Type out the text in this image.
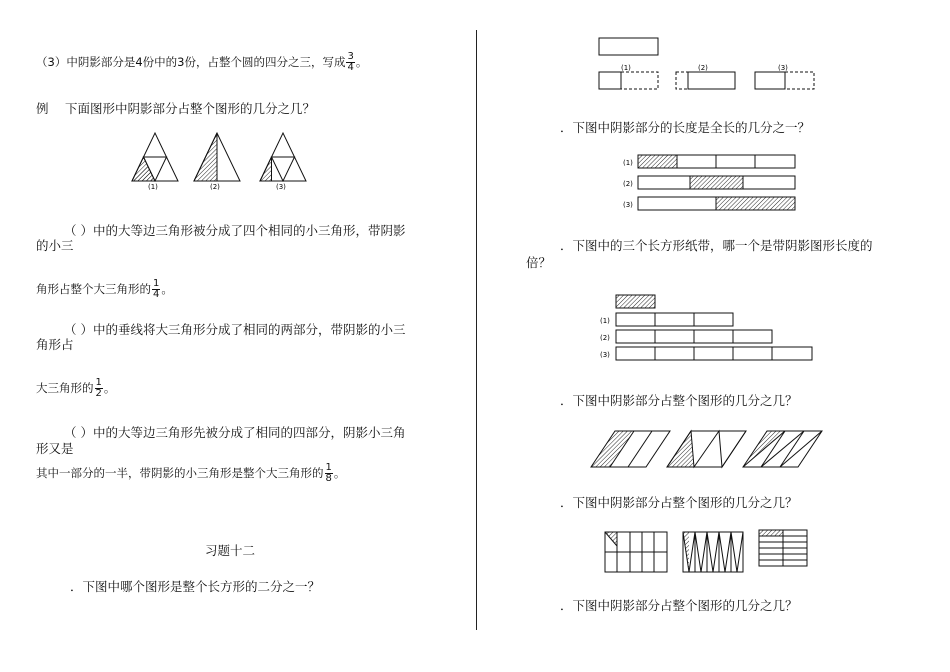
（3）中阴影部分是4份中的3份，占整个圆的四分之三，写成 $\frac{3}{4}$ 。
例　 下面图形中阴影部分占整个图形的几分之几？
(1)	(2)	(3)
（ ）中的大等边三角形被分成了四个相同的小三角形，带阴影
的小三
角形占整个大三角形的 $\frac{1}{4}$ 。
（ ）中的垂线将大三角形分成了相同的两部分，带阴影的小三
角形占
大三角形的 $\frac{1}{2}$ 。
（ ）中的大等边三角形先被分成了相同的四部分，阴影小三角
形又是
其中一部分的一半，带阴影的小三角形是整个大三角形的 $\frac{1}{8}$ 。
习题十二
．下图中哪个图形是整个长方形的二分之一？
(1)	(2)	(3)
．下图中阴影部分的长度是全长的几分之一？
(1)
(2)
(3)
．下图中的三个长方形纸带，哪一个是带阴影图形长度的
倍？
(1)
(2)
(3)
．下图中阴影部分占整个图形的几分之几？
．下图中阴影部分占整个图形的几分之几？
．下图中阴影部分占整个图形的几分之几？
